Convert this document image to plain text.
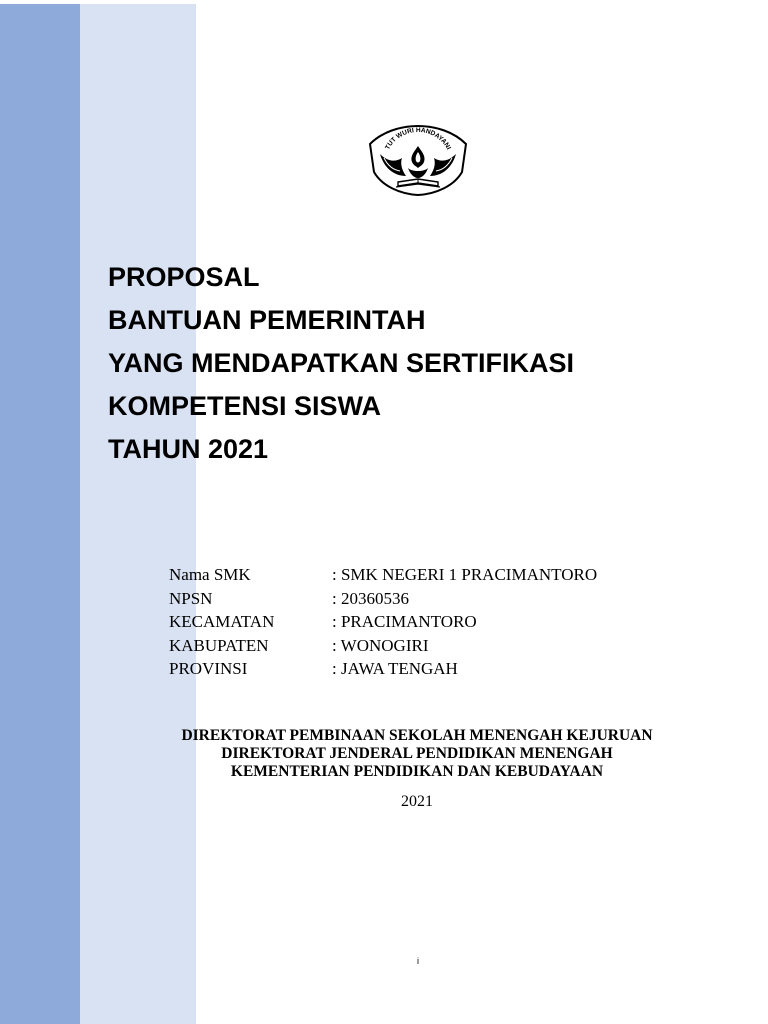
TUT WURI HANDAYANI
PROPOSAL
BANTUAN PEMERINTAH
YANG MENDAPATKAN SERTIFIKASI
KOMPETENSI SISWA
TAHUN 2021
Nama SMK	: SMK NEGERI 1 PRACIMANTORO
NPSN	: 20360536
KECAMATAN	: PRACIMANTORO
KABUPATEN	: WONOGIRI
PROVINSI	: JAWA TENGAH
DIREKTORAT PEMBINAAN SEKOLAH MENENGAH KEJURUAN
DIREKTORAT JENDERAL PENDIDIKAN MENENGAH
KEMENTERIAN PENDIDIKAN DAN KEBUDAYAAN
2021
i
